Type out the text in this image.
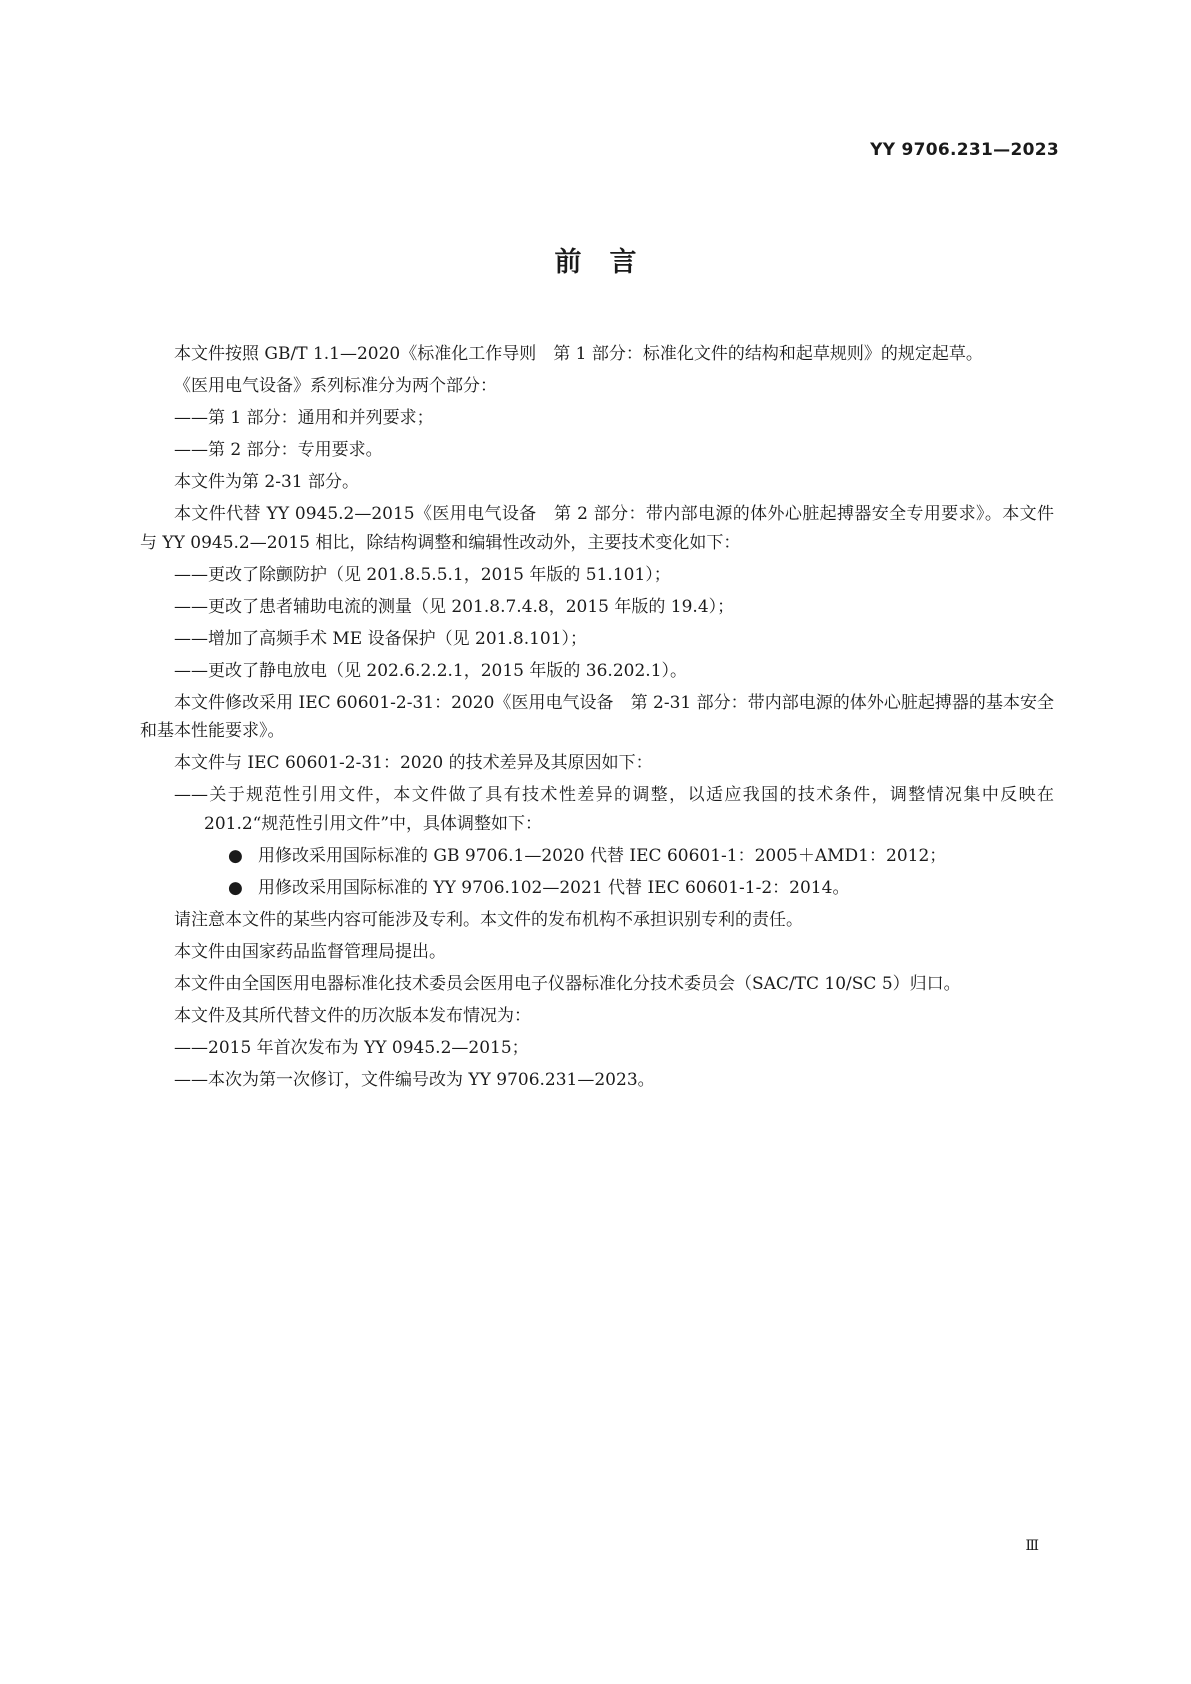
YY 9706.231—2023

前言

本文件按照 GB/T 1.1—2020《标准化工作导则　第 1 部分：标准化文件的结构和起草规则》的规定起草。

《医用电气设备》系列标准分为两个部分：

——第 1 部分：通用和并列要求；

——第 2 部分：专用要求。

本文件为第 2-31 部分。

本文件代替 YY 0945.2—2015《医用电气设备　第 2 部分：带内部电源的体外心脏起搏器安全专用要求》。本文件与 YY 0945.2—2015 相比，除结构调整和编辑性改动外，主要技术变化如下：

——更改了除颤防护（见 201.8.5.5.1，2015 年版的 51.101）；

——更改了患者辅助电流的测量（见 201.8.7.4.8，2015 年版的 19.4）；

——增加了高频手术 ME 设备保护（见 201.8.101）；

——更改了静电放电（见 202.6.2.2.1，2015 年版的 36.202.1）。

本文件修改采用 IEC 60601-2-31：2020《医用电气设备　第 2-31 部分：带内部电源的体外心脏起搏器的基本安全和基本性能要求》。

本文件与 IEC 60601-2-31：2020 的技术差异及其原因如下：

——关于规范性引用文件，本文件做了具有技术性差异的调整，以适应我国的技术条件，调整情况集中反映在 201.2“规范性引用文件”中，具体调整如下：

● 用修改采用国际标准的 GB 9706.1—2020 代替 IEC 60601-1：2005＋AMD1：2012；

● 用修改采用国际标准的 YY 9706.102—2021 代替 IEC 60601-1-2：2014。

请注意本文件的某些内容可能涉及专利。本文件的发布机构不承担识别专利的责任。

本文件由国家药品监督管理局提出。

本文件由全国医用电器标准化技术委员会医用电子仪器标准化分技术委员会（SAC/TC 10/SC 5）归口。

本文件及其所代替文件的历次版本发布情况为：

——2015 年首次发布为 YY 0945.2—2015；

——本次为第一次修订，文件编号改为 YY 9706.231—2023。

Ⅲ
